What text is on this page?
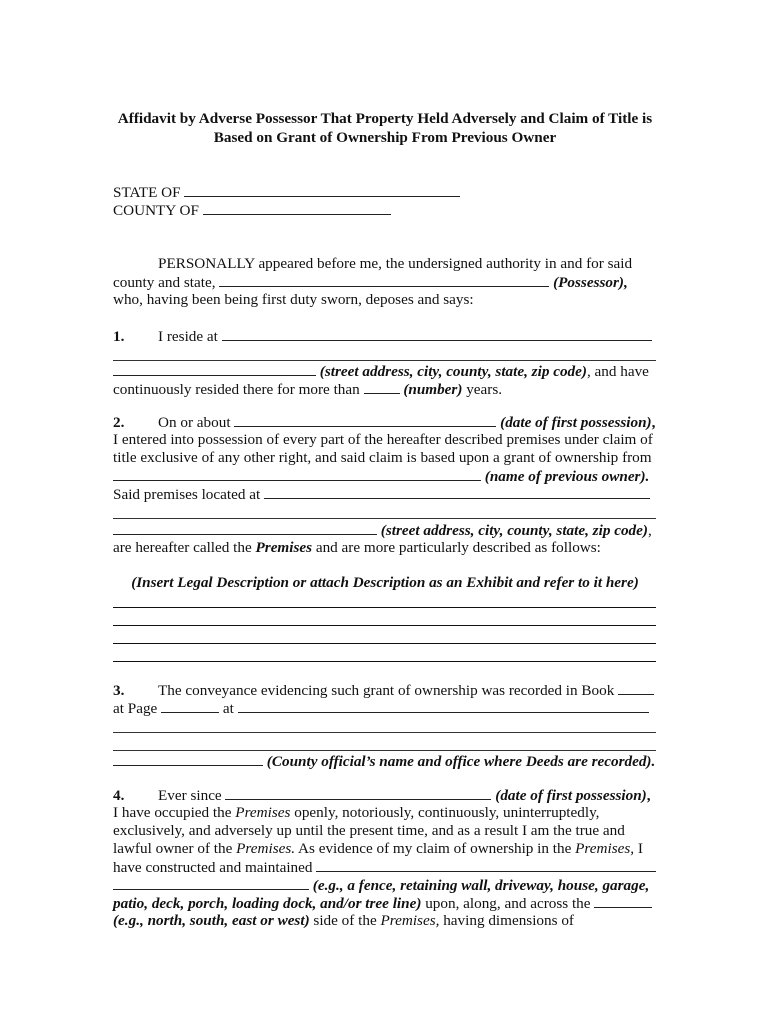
Affidavit by Adverse Possessor That Property Held Adversely and Claim of Title is
Based on Grant of Ownership From Previous Owner
STATE OF
COUNTY OF
PERSONALLY appeared before me, the undersigned authority in and for said
county and state,	(Possessor),
who, having been being first duty sworn, deposes and says:
1. I reside at
(street address, city, county, state, zip code), and have
continuously resided there for more than	(number) years.
2. On or about	(date of first possession),
I entered into possession of every part of the hereafter described premises under claim of
title exclusive of any other right, and said claim is based upon a grant of ownership from
(name of previous owner).
Said premises located at
(street address, city, county, state, zip code),
are hereafter called the Premises and are more particularly described as follows:
(Insert Legal Description or attach Description as an Exhibit and refer to it here)
3. The conveyance evidencing such grant of ownership was recorded in Book
at Page	at
(County official’s name and office where Deeds are recorded).
4. Ever since	(date of first possession),
I have occupied the Premises openly, notoriously, continuously, uninterruptedly,
exclusively, and adversely up until the present time, and as a result I am the true and
lawful owner of the Premises. As evidence of my claim of ownership in the Premises, I
have constructed and maintained
(e.g., a fence, retaining wall, driveway, house, garage,
patio, deck, porch, loading dock, and/or tree line) upon, along, and across the
(e.g., north, south, east or west) side of the Premises, having dimensions of
